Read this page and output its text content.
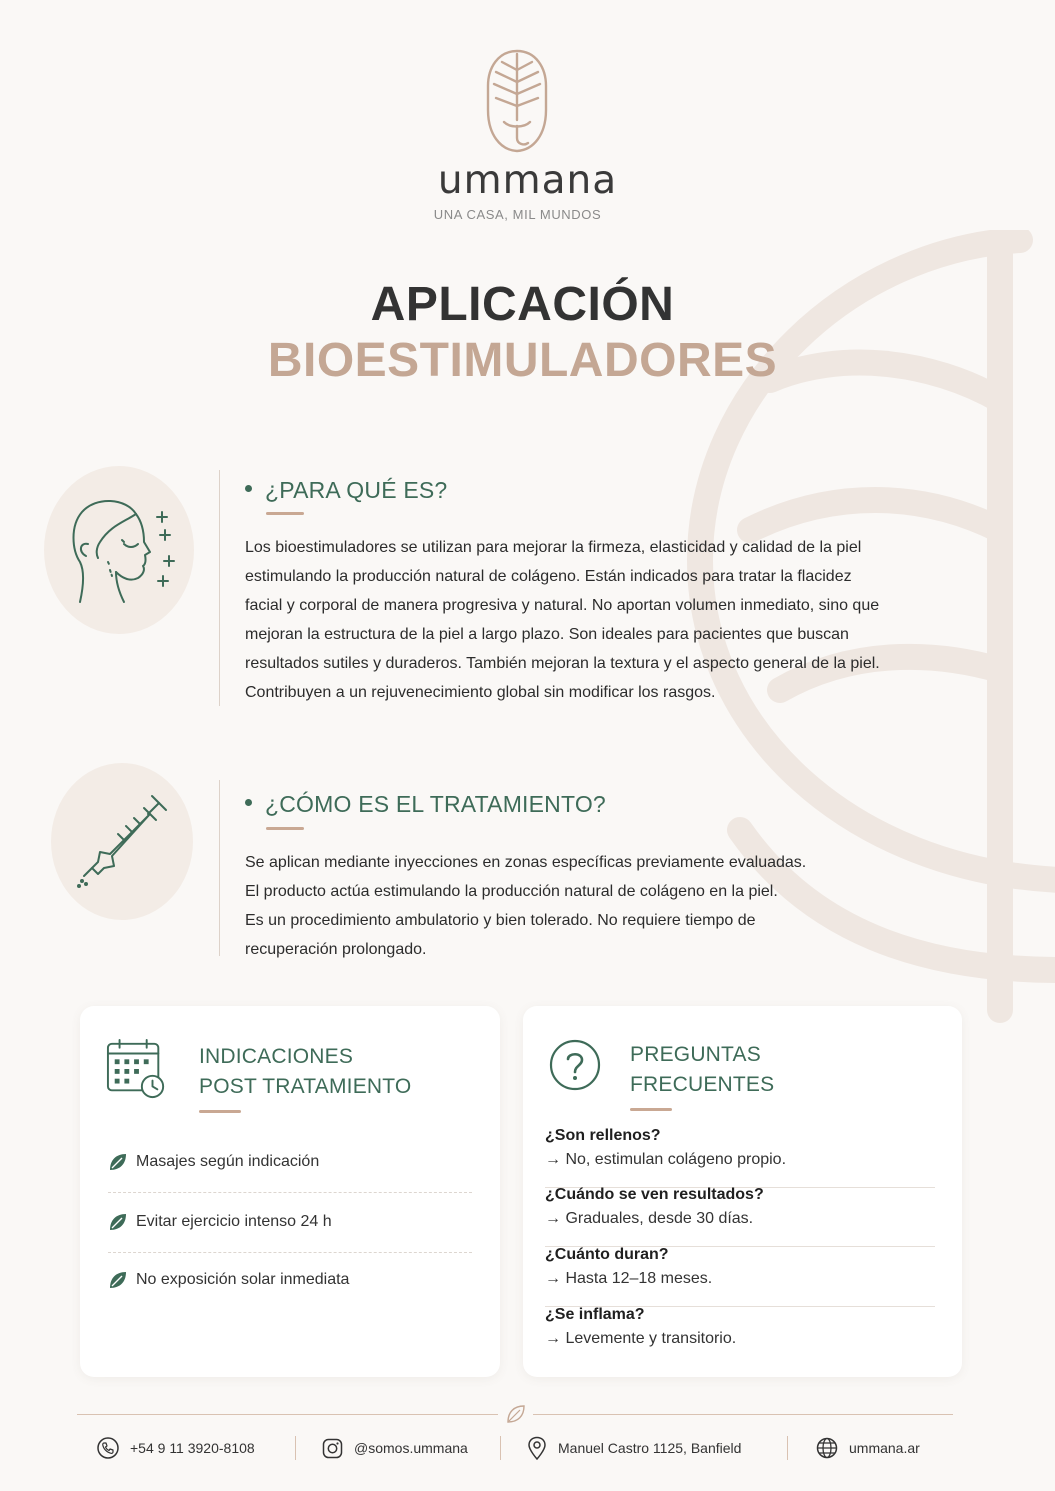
ummana
UNA CASA, MIL MUNDOS
APLICACIÓN
BIOESTIMULADORES
¿PARA QUÉ ES?
Los bioestimuladores se utilizan para mejorar la firmeza, elasticidad y calidad de la piel
estimulando la producción natural de colágeno. Están indicados para tratar la flacidez
facial y corporal de manera progresiva y natural. No aportan volumen inmediato, sino que
mejoran la estructura de la piel a largo plazo. Son ideales para pacientes que buscan
resultados sutiles y duraderos. También mejoran la textura y el aspecto general de la piel.
Contribuyen a un rejuvenecimiento global sin modificar los rasgos.
¿CÓMO ES EL TRATAMIENTO?
Se aplican mediante inyecciones en zonas específicas previamente evaluadas.
El producto actúa estimulando la producción natural de colágeno en la piel.
Es un procedimiento ambulatorio y bien tolerado. No requiere tiempo de
recuperación prolongado.
INDICACIONES
POST TRATAMIENTO
Masajes según indicación
Evitar ejercicio intenso 24 h
No exposición solar inmediata
PREGUNTAS
FRECUENTES
¿Son rellenos?
→ No, estimulan colágeno propio.
¿Cuándo se ven resultados?
→ Graduales, desde 30 días.
¿Cuánto duran?
→ Hasta 12–18 meses.
¿Se inflama?
→ Levemente y transitorio.
+54 9 11 3920-8108	@somos.ummana	Manuel Castro 1125, Banfield	ummana.ar
